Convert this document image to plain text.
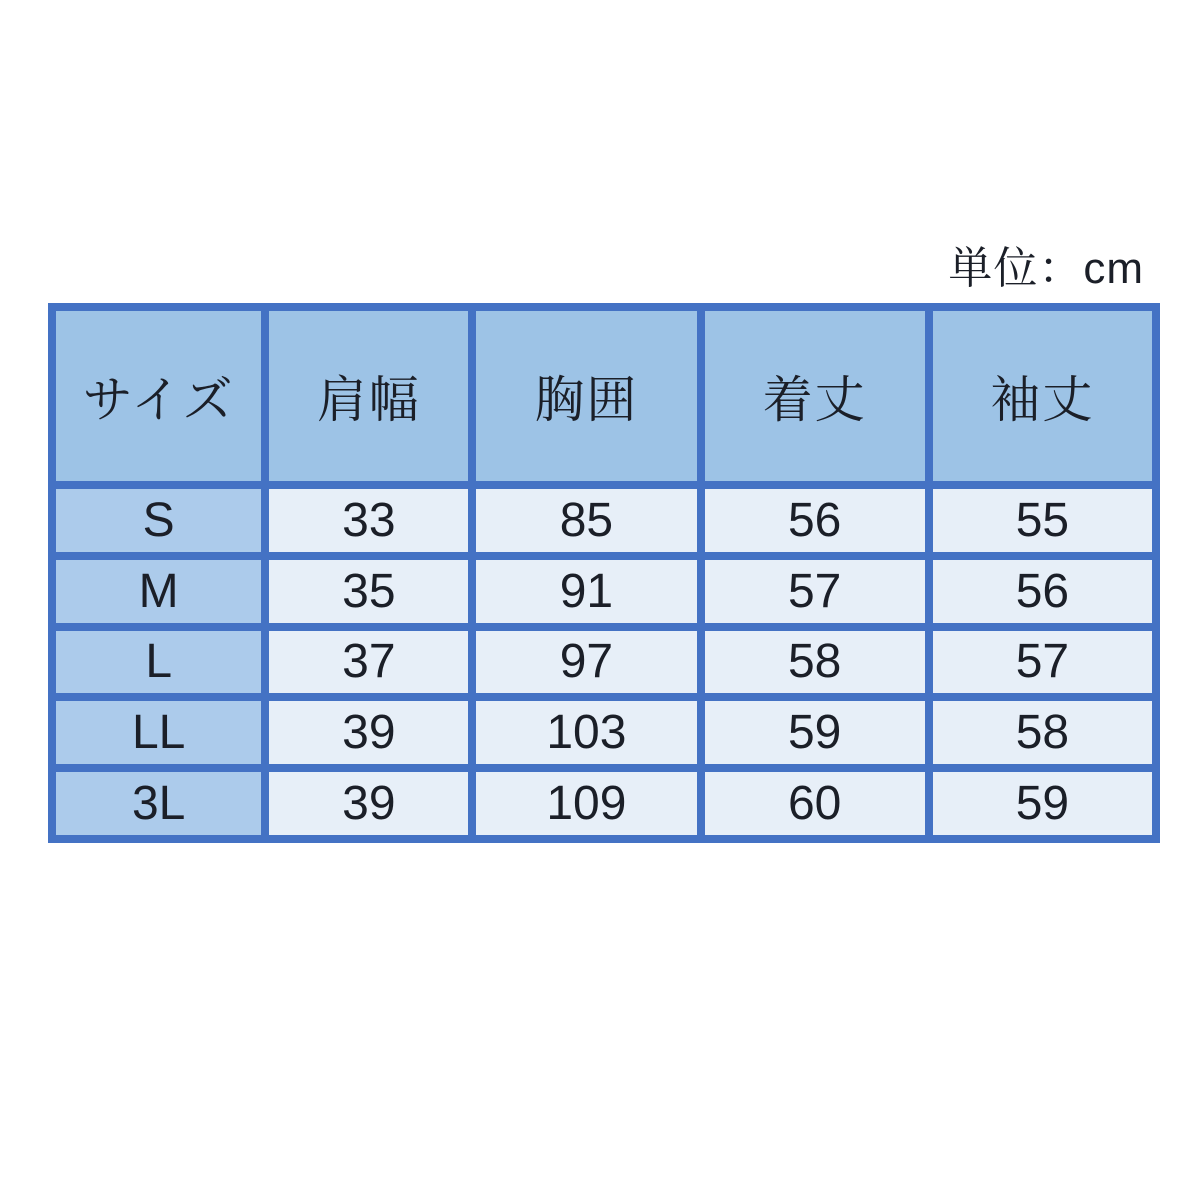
単位：cm
サイズ	肩幅	胸囲	着丈	袖丈
S	33	85	56	55
M	35	91	57	56
L	37	97	58	57
LL	39	103	59	58
3L	39	109	60	59
